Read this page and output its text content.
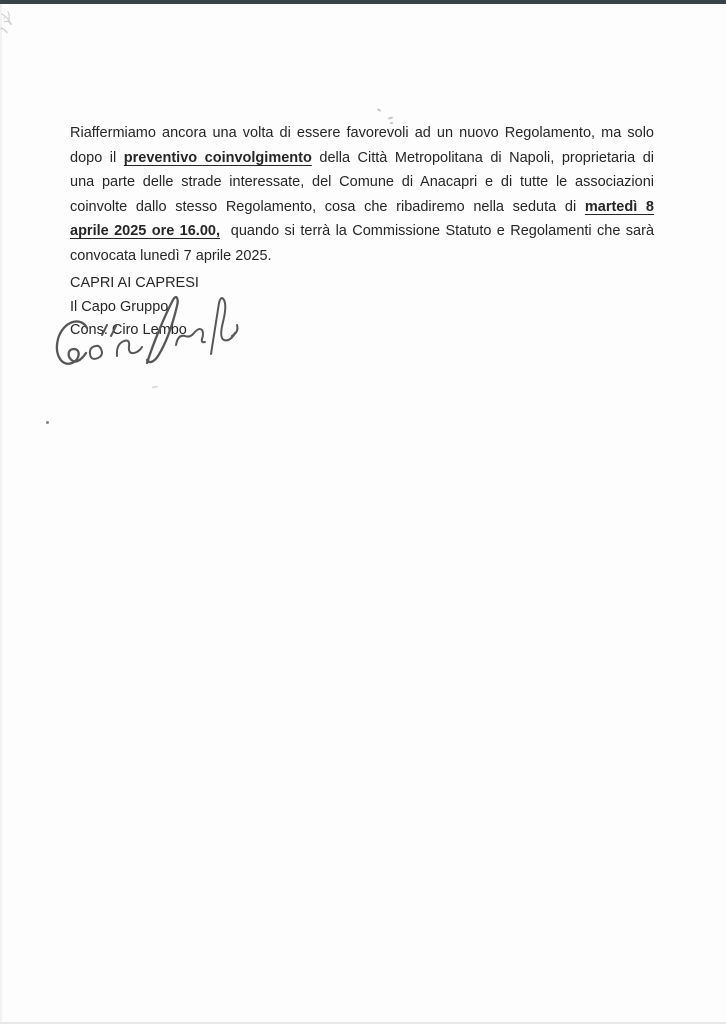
Riaffermiamo ancora una volta di essere favorevoli ad un nuovo Regolamento, ma solo
dopo il preventivo coinvolgimento della Città Metropolitana di Napoli, proprietaria di
una parte delle strade interessate, del Comune di Anacapri e di tutte le associazioni
coinvolte dallo stesso Regolamento, cosa che ribadiremo nella seduta di martedì 8
aprile 2025 ore 16.00,  quando si terrà la Commissione Statuto e Regolamenti che sarà
convocata lunedì 7 aprile 2025.
CAPRI AI CAPRESI
Il Capo Gruppo
Cons. Ciro Lembo
